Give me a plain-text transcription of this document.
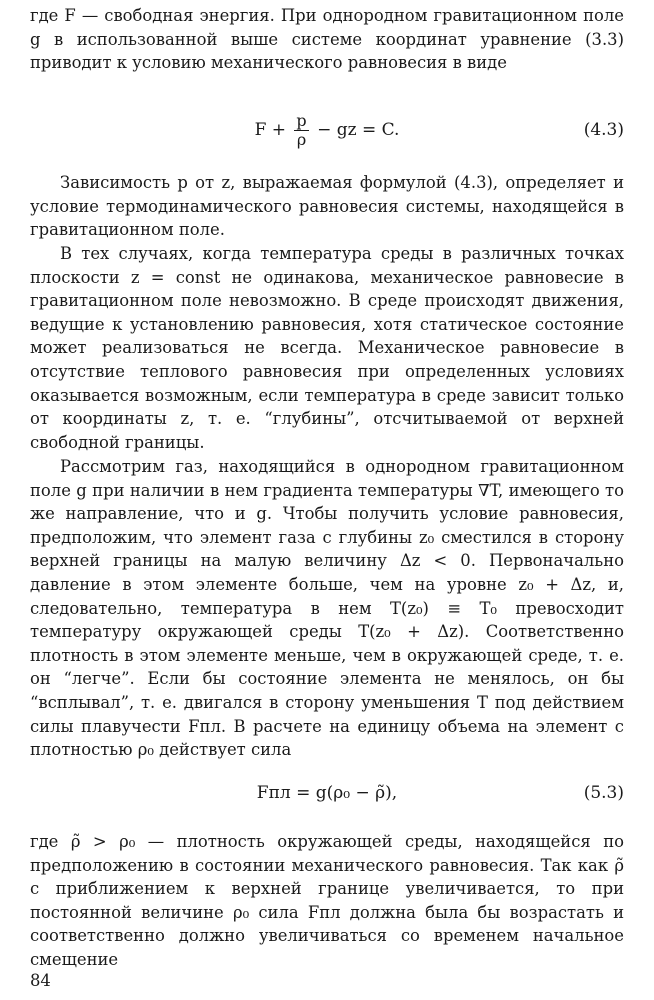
где F — свободная энергия. При однородном гравитационном поле g в использованной выше системе координат уравнение (3.3) приводит к условию механического равновесия в виде

$F + \frac{p}{\rho}$ − gz = C.	(4.3)

Зависимость p от z, выражаемая формулой (4.3), определяет и условие термодинамического равновесия системы, находящейся в гравитационном поле.

В тех случаях, когда температура среды в различных точках плоскости z = const не одинакова, механическое равновесие в гравитационном поле невозможно. В среде происходят движения, ведущие к установлению равновесия, хотя статическое состояние может реализоваться не всегда. Механическое равновесие в отсутствие теплового равновесия при определенных условиях оказывается возможным, если температура в среде зависит только от координаты z, т. е. “глубины”, отсчитываемой от верхней свободной границы.

Рассмотрим газ, находящийся в однородном гравитационном поле g при наличии в нем градиента температуры ∇T, имеющего то же направление, что и g. Чтобы получить условие равновесия, предположим, что элемент газа с глубины z₀ сместился в сторону верхней границы на малую величину Δz < 0. Первоначально давление в этом элементе больше, чем на уровне z₀ + Δz, и, следовательно, температура в нем T(z₀) ≡ T₀ превосходит температуру окружающей среды T(z₀ + Δz). Соответственно плотность в этом элементе меньше, чем в окружающей среде, т. е. он “легче”. Если бы состояние элемента не менялось, он бы “всплывал”, т. е. двигался в сторону уменьшения T под действием силы плавучести Fпл. В расчете на единицу объема на элемент с плотностью ρ₀ действует сила

Fпл = g(ρ₀ − ρ̃),	(5.3)

где ρ̃ > ρ₀ — плотность окружающей среды, находящейся по предположению в состоянии механического равновесия. Так как ρ̃ с приближением к верхней границе увеличивается, то при постоянной величине ρ₀ сила Fпл должна была бы возрастать и соответственно должно увеличиваться со временем начальное смещение

84
